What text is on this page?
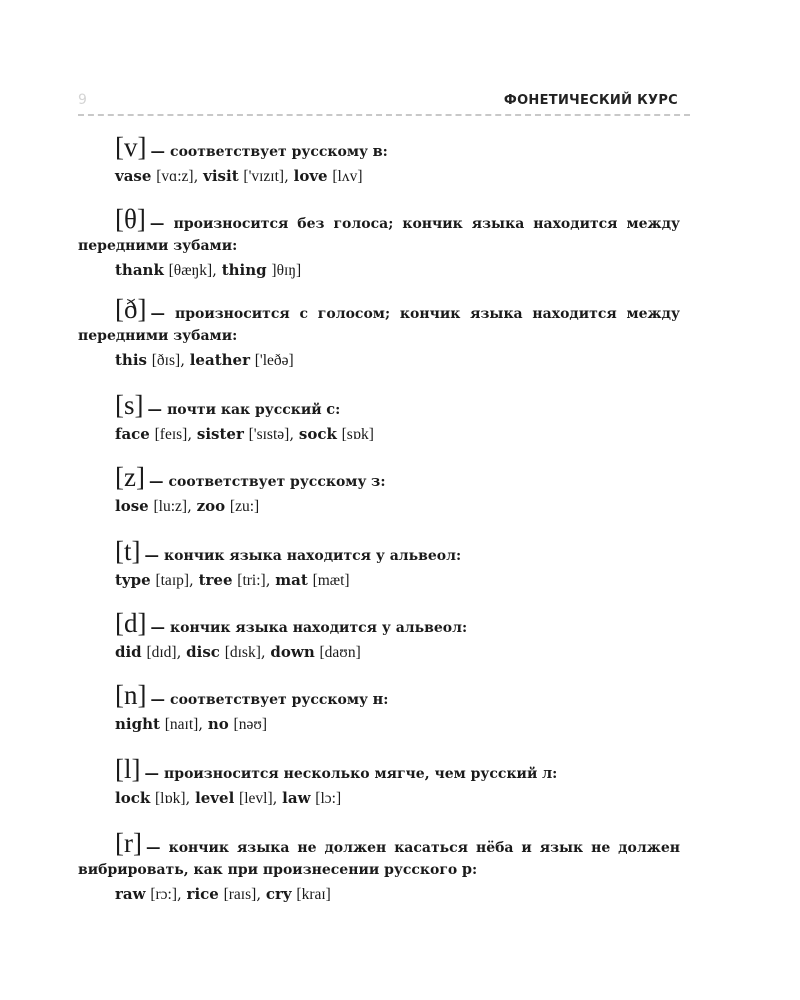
9	ФОНЕТИЧЕСКИЙ КУРС

[v] — соответствует русскому в:

vase [vɑ:z], visit ['vɪzɪt], love [lʌv]

[θ] — произносится без голоса; кончик языка находится между передними зубами:

thank [θæŋk], thing ]θɪŋ]

[ð] — произносится с голосом; кончик языка находится между передними зубами:

this [ðɪs], leather ['leðə]

[s] — почти как русский с:

face [feɪs], sister ['sɪstə], sock [sɒk]

[z] — соответствует русскому з:

lose [lu:z], zoo [zu:]

[t] — кончик языка находится у альвеол:

type [taɪp], tree [tri:], mat [mæt]

[d] — кончик языка находится у альвеол:

did [dɪd], disc [dɪsk], down [daʊn]

[n] — соответствует русскому н:

night [naɪt], no [nəʊ]

[l] — произносится несколько мягче, чем русский л:

lock [lɒk], level [levl], law [lɔ:]

[r] — кончик языка не должен касаться нёба и язык не должен вибрировать, как при произнесении русского р:

raw [rɔ:], rice [raɪs], cry [kraɪ]
